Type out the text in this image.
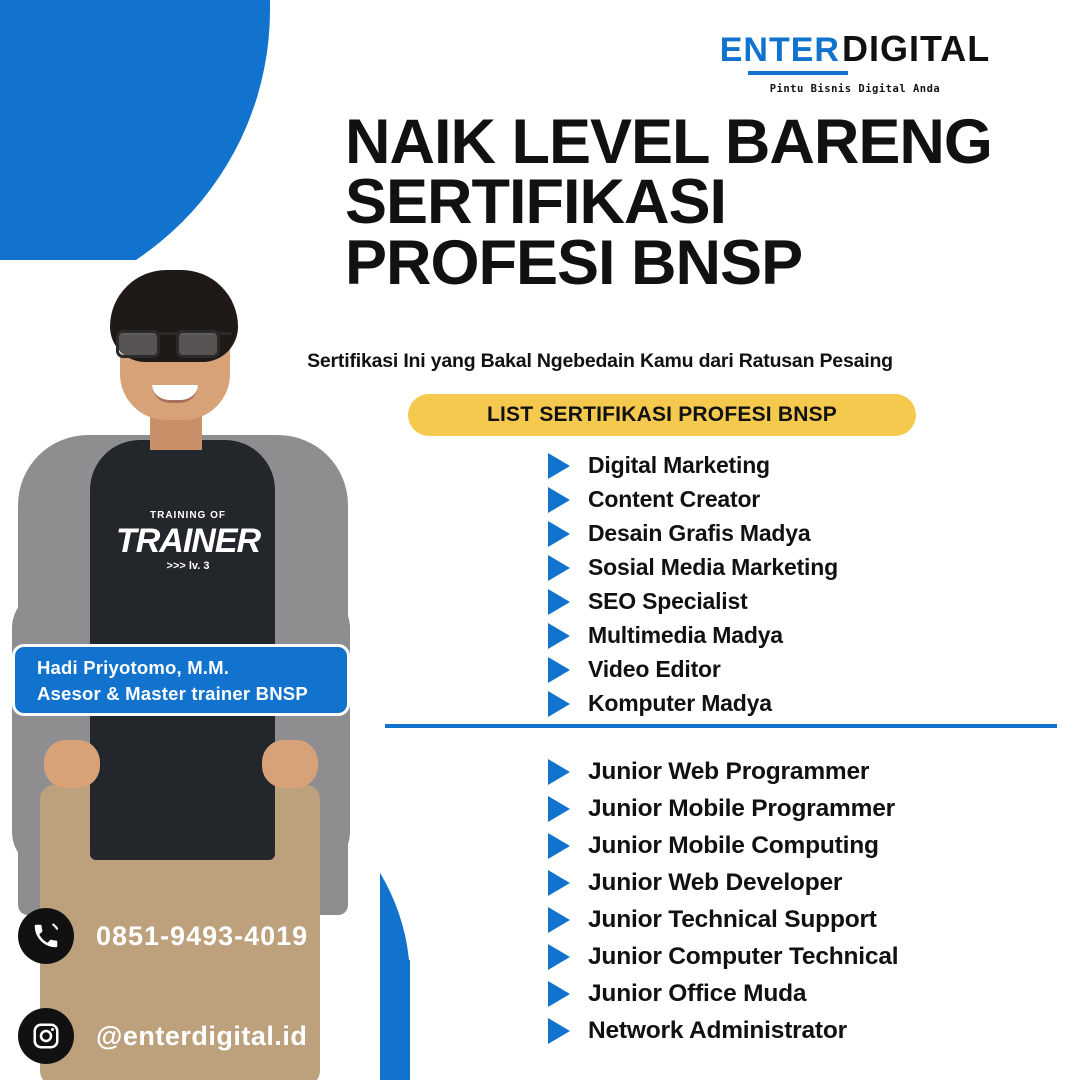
TRAINING OF
TRAINER
>>> lv. 3
ENTER DIGITAL
Pintu Bisnis Digital Anda
NAIK LEVEL BARENG
SERTIFIKASI
PROFESI BNSP
Sertifikasi Ini yang Bakal Ngebedain Kamu dari Ratusan Pesaing
LIST SERTIFIKASI PROFESI BNSP
Digital Marketing
Content Creator
Desain Grafis Madya
Sosial Media Marketing
SEO Specialist
Multimedia Madya
Video Editor
Komputer Madya
Junior Web Programmer
Junior Mobile Programmer
Junior Mobile Computing
Junior Web Developer
Junior Technical Support
Junior Computer Technical
Junior Office Muda
Network Administrator
Hadi Priyotomo, M.M.
Asesor & Master trainer BNSP
0851-9493-4019
@enterdigital.id
